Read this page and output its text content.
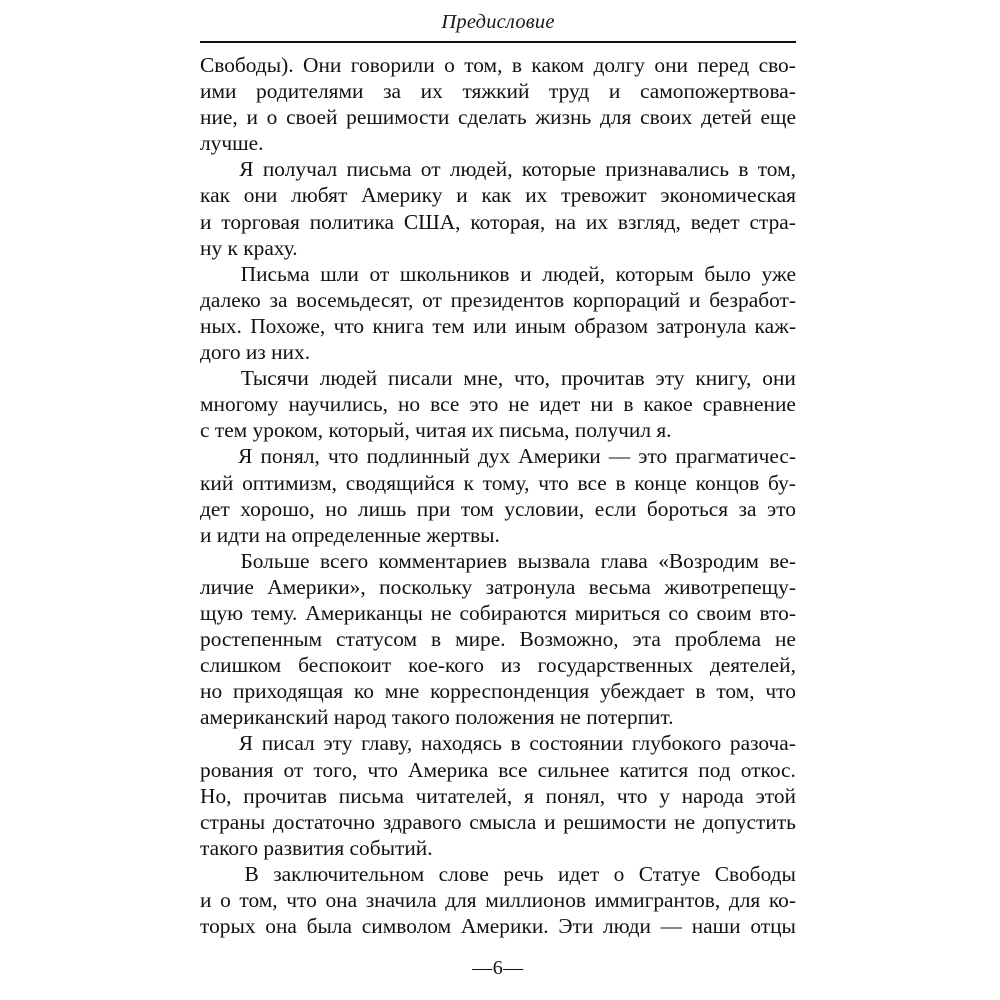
Предисловие

Свободы). Они говорили о том, в каком долгу они перед сво-
ими родителями за их тяжкий труд и самопожертвова-
ние, и о своей решимости сделать жизнь для своих детей еще
лучше.

Я получал письма от людей, которые признавались в том,
как они любят Америку и как их тревожит экономическая
и торговая политика США, которая, на их взгляд, ведет стра-
ну к краху.

Письма шли от школьников и людей, которым было уже
далеко за восемьдесят, от президентов корпораций и безработ-
ных. Похоже, что книга тем или иным образом затронула каж-
дого из них.

Тысячи людей писали мне, что, прочитав эту книгу, они
многому научились, но все это не идет ни в какое сравнение
с тем уроком, который, читая их письма, получил я.

Я понял, что подлинный дух Америки — это прагматичес-
кий оптимизм, сводящийся к тому, что все в конце концов бу-
дет хорошо, но лишь при том условии, если бороться за это
и идти на определенные жертвы.

Больше всего комментариев вызвала глава «Возродим ве-
личие Америки», поскольку затронула весьма животрепещу-
щую тему. Американцы не собираются мириться со своим вто-
ростепенным статусом в мире. Возможно, эта проблема не
слишком беспокоит кое-кого из государственных деятелей,
но приходящая ко мне корреспонденция убеждает в том, что
американский народ такого положения не потерпит.

Я писал эту главу, находясь в состоянии глубокого разоча-
рования от того, что Америка все сильнее катится под откос.
Но, прочитав письма читателей, я понял, что у народа этой
страны достаточно здравого смысла и решимости не допустить
такого развития событий.

В заключительном слове речь идет о Статуе Свободы
и о том, что она значила для миллионов иммигрантов, для ко-
торых она была символом Америки. Эти люди — наши отцы

—6—
